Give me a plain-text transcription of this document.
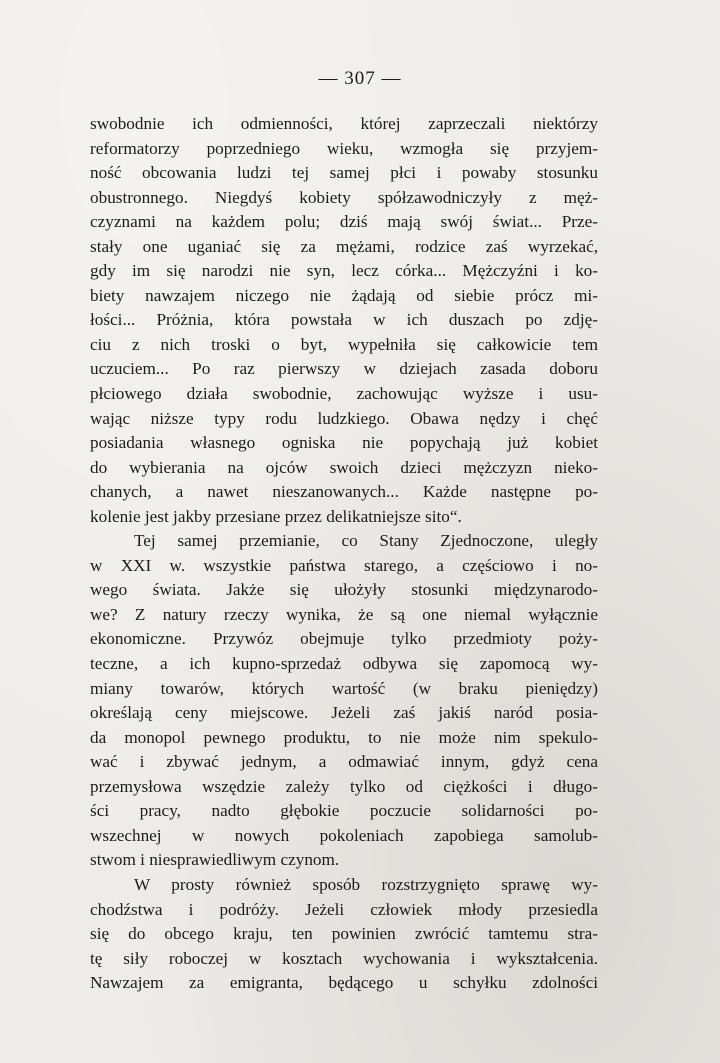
— 307 —
swobodnie ich odmienności, której zaprzeczali niektórzy
reformatorzy poprzedniego wieku, wzmogła się przyjem-
ność obcowania ludzi tej samej płci i powaby stosunku
obustronnego. Niegdyś kobiety spółzawodniczyły z męż-
czyznami na każdem polu; dziś mają swój świat... Prze-
stały one uganiać się za mężami, rodzice zaś wyrzekać,
gdy im się narodzi nie syn, lecz córka... Mężczyźni i ko-
biety nawzajem niczego nie żądają od siebie prócz mi-
łości... Próżnia, która powstała w ich duszach po zdję-
ciu z nich troski o byt, wypełniła się całkowicie tem
uczuciem... Po raz pierwszy w dziejach zasada doboru
płciowego działa swobodnie, zachowując wyższe i usu-
wając niższe typy rodu ludzkiego. Obawa nędzy i chęć
posiadania własnego ogniska nie popychają już kobiet
do wybierania na ojców swoich dzieci mężczyzn nieko-
chanych, a nawet nieszanowanych... Każde następne po-
kolenie jest jakby przesiane przez delikatniejsze sito“.
Tej samej przemianie, co Stany Zjednoczone, uległy
w XXI w. wszystkie państwa starego, a częściowo i no-
wego świata. Jakże się ułożyły stosunki międzynarodo-
we? Z natury rzeczy wynika, że są one niemal wyłącznie
ekonomiczne. Przywóz obejmuje tylko przedmioty poży-
teczne, a ich kupno-sprzedaż odbywa się zapomocą wy-
miany towarów, których wartość (w braku pieniędzy)
określają ceny miejscowe. Jeżeli zaś jakiś naród posia-
da monopol pewnego produktu, to nie może nim spekulo-
wać i zbywać jednym, a odmawiać innym, gdyż cena
przemysłowa wszędzie zależy tylko od ciężkości i długo-
ści pracy, nadto głębokie poczucie solidarności po-
wszechnej w nowych pokoleniach zapobiega samolub-
stwom i niesprawiedliwym czynom.
W prosty również sposób rozstrzygnięto sprawę wy-
chodźstwa i podróży. Jeżeli człowiek młody przesiedla
się do obcego kraju, ten powinien zwrócić tamtemu stra-
tę siły roboczej w kosztach wychowania i wykształcenia.
Nawzajem za emigranta, będącego u schyłku zdolności
